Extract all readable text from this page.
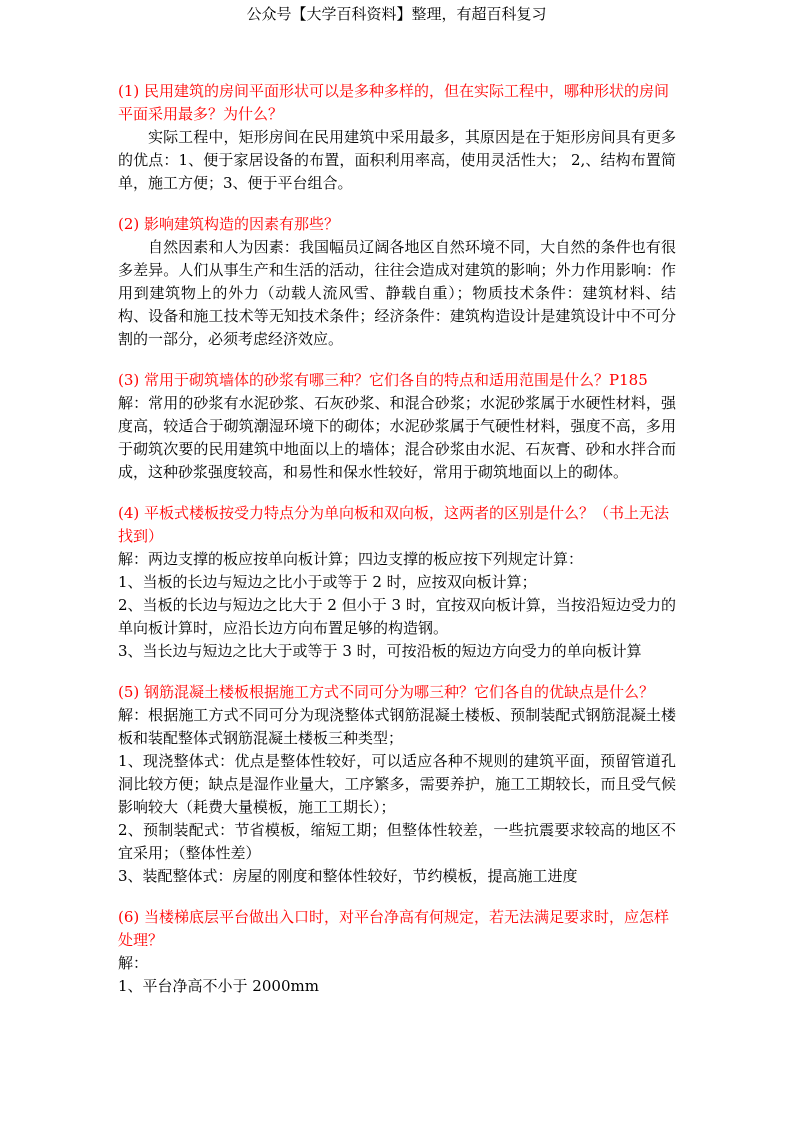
公众号【大学百科资料】整理，有超百科复习

(1) 民用建筑的房间平面形状可以是多种多样的，但在实际工程中，哪种形状的房间平面采用最多？为什么？

实际工程中，矩形房间在民用建筑中采用最多，其原因是在于矩形房间具有更多的优点：1、便于家居设备的布置，面积利用率高，使用灵活性大； 2,、结构布置简单，施工方便；3、便于平台组合。

(2) 影响建筑构造的因素有那些？

自然因素和人为因素：我国幅员辽阔各地区自然环境不同，大自然的条件也有很多差异。人们从事生产和生活的活动，往往会造成对建筑的影响；外力作用影响：作用到建筑物上的外力（动载人流风雪、静载自重）；物质技术条件：建筑材料、结构、设备和施工技术等无知技术条件；经济条件：建筑构造设计是建筑设计中不可分割的一部分，必须考虑经济效应。

(3) 常用于砌筑墙体的砂浆有哪三种？它们各自的特点和适用范围是什么？P185

解：常用的砂浆有水泥砂浆、石灰砂浆、和混合砂浆；水泥砂浆属于水硬性材料，强度高，较适合于砌筑潮湿环境下的砌体；水泥砂浆属于气硬性材料，强度不高，多用于砌筑次要的民用建筑中地面以上的墙体；混合砂浆由水泥、石灰膏、砂和水拌合而成，这种砂浆强度较高，和易性和保水性较好，常用于砌筑地面以上的砌体。

(4) 平板式楼板按受力特点分为单向板和双向板，这两者的区别是什么？（书上无法找到）

解：两边支撑的板应按单向板计算；四边支撑的板应按下列规定计算：

1、当板的长边与短边之比小于或等于 2 时，应按双向板计算；

2、当板的长边与短边之比大于 2 但小于 3 时，宜按双向板计算，当按沿短边受力的单向板计算时，应沿长边方向布置足够的构造钢。

3、当长边与短边之比大于或等于 3 时，可按沿板的短边方向受力的单向板计算

(5) 钢筋混凝土楼板根据施工方式不同可分为哪三种？它们各自的优缺点是什么？

解：根据施工方式不同可分为现浇整体式钢筋混凝土楼板、预制装配式钢筋混凝土楼板和装配整体式钢筋混凝土楼板三种类型；

1、现浇整体式：优点是整体性较好，可以适应各种不规则的建筑平面，预留管道孔洞比较方便；缺点是湿作业量大，工序繁多，需要养护，施工工期较长，而且受气候影响较大（耗费大量模板，施工工期长）；

2、预制装配式：节省模板，缩短工期；但整体性较差，一些抗震要求较高的地区不宜采用；（整体性差）

3、装配整体式：房屋的刚度和整体性较好，节约模板，提高施工进度

(6) 当楼梯底层平台做出入口时，对平台净高有何规定，若无法满足要求时，应怎样处理？

解：

1、平台净高不小于 2000mm
